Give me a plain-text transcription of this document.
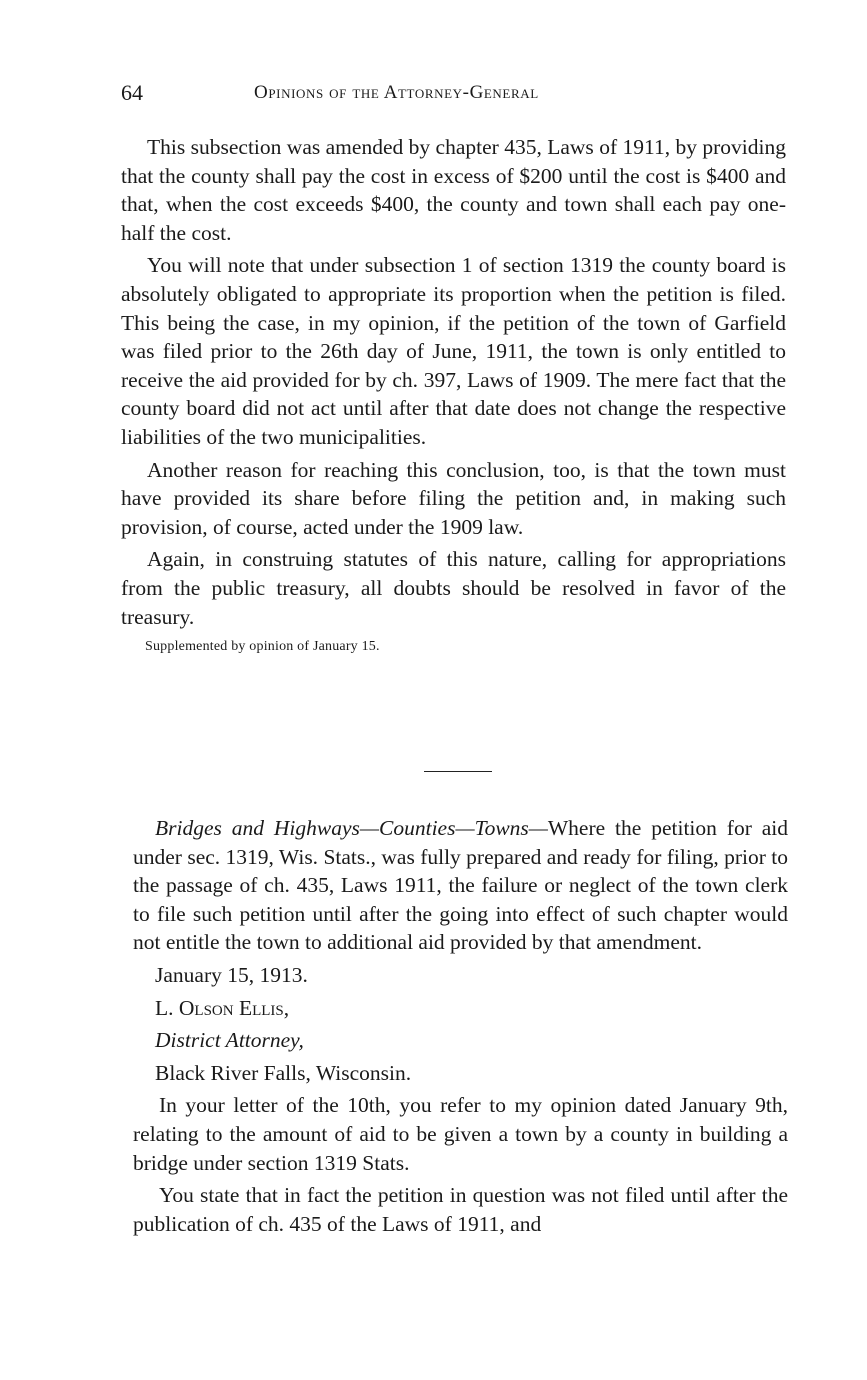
64	Opinions of the Attorney-General

This subsection was amended by chapter 435, Laws of 1911, by providing that the county shall pay the cost in excess of $200 until the cost is $400 and that, when the cost exceeds $400, the county and town shall each pay one-half the cost.

You will note that under subsection 1 of section 1319 the county board is absolutely obligated to appropriate its proportion when the petition is filed. This being the case, in my opinion, if the petition of the town of Garfield was filed prior to the 26th day of June, 1911, the town is only entitled to receive the aid provided for by ch. 397, Laws of 1909. The mere fact that the county board did not act until after that date does not change the respective liabilities of the two municipalities.

Another reason for reaching this conclusion, too, is that the town must have provided its share before filing the petition and, in making such provision, of course, acted under the 1909 law.

Again, in construing statutes of this nature, calling for appropriations from the public treasury, all doubts should be resolved in favor of the treasury.

Supplemented by opinion of January 15.

Bridges and Highways—Counties—Towns—Where the petition for aid under sec. 1319, Wis. Stats., was fully prepared and ready for filing, prior to the passage of ch. 435, Laws 1911, the failure or neglect of the town clerk to file such petition until after the going into effect of such chapter would not entitle the town to additional aid provided by that amendment.

January 15, 1913.

L. Olson Ellis,

District Attorney,

Black River Falls, Wisconsin.

In your letter of the 10th, you refer to my opinion dated January 9th, relating to the amount of aid to be given a town by a county in building a bridge under section 1319 Stats.

You state that in fact the petition in question was not filed until after the publication of ch. 435 of the Laws of 1911, and
